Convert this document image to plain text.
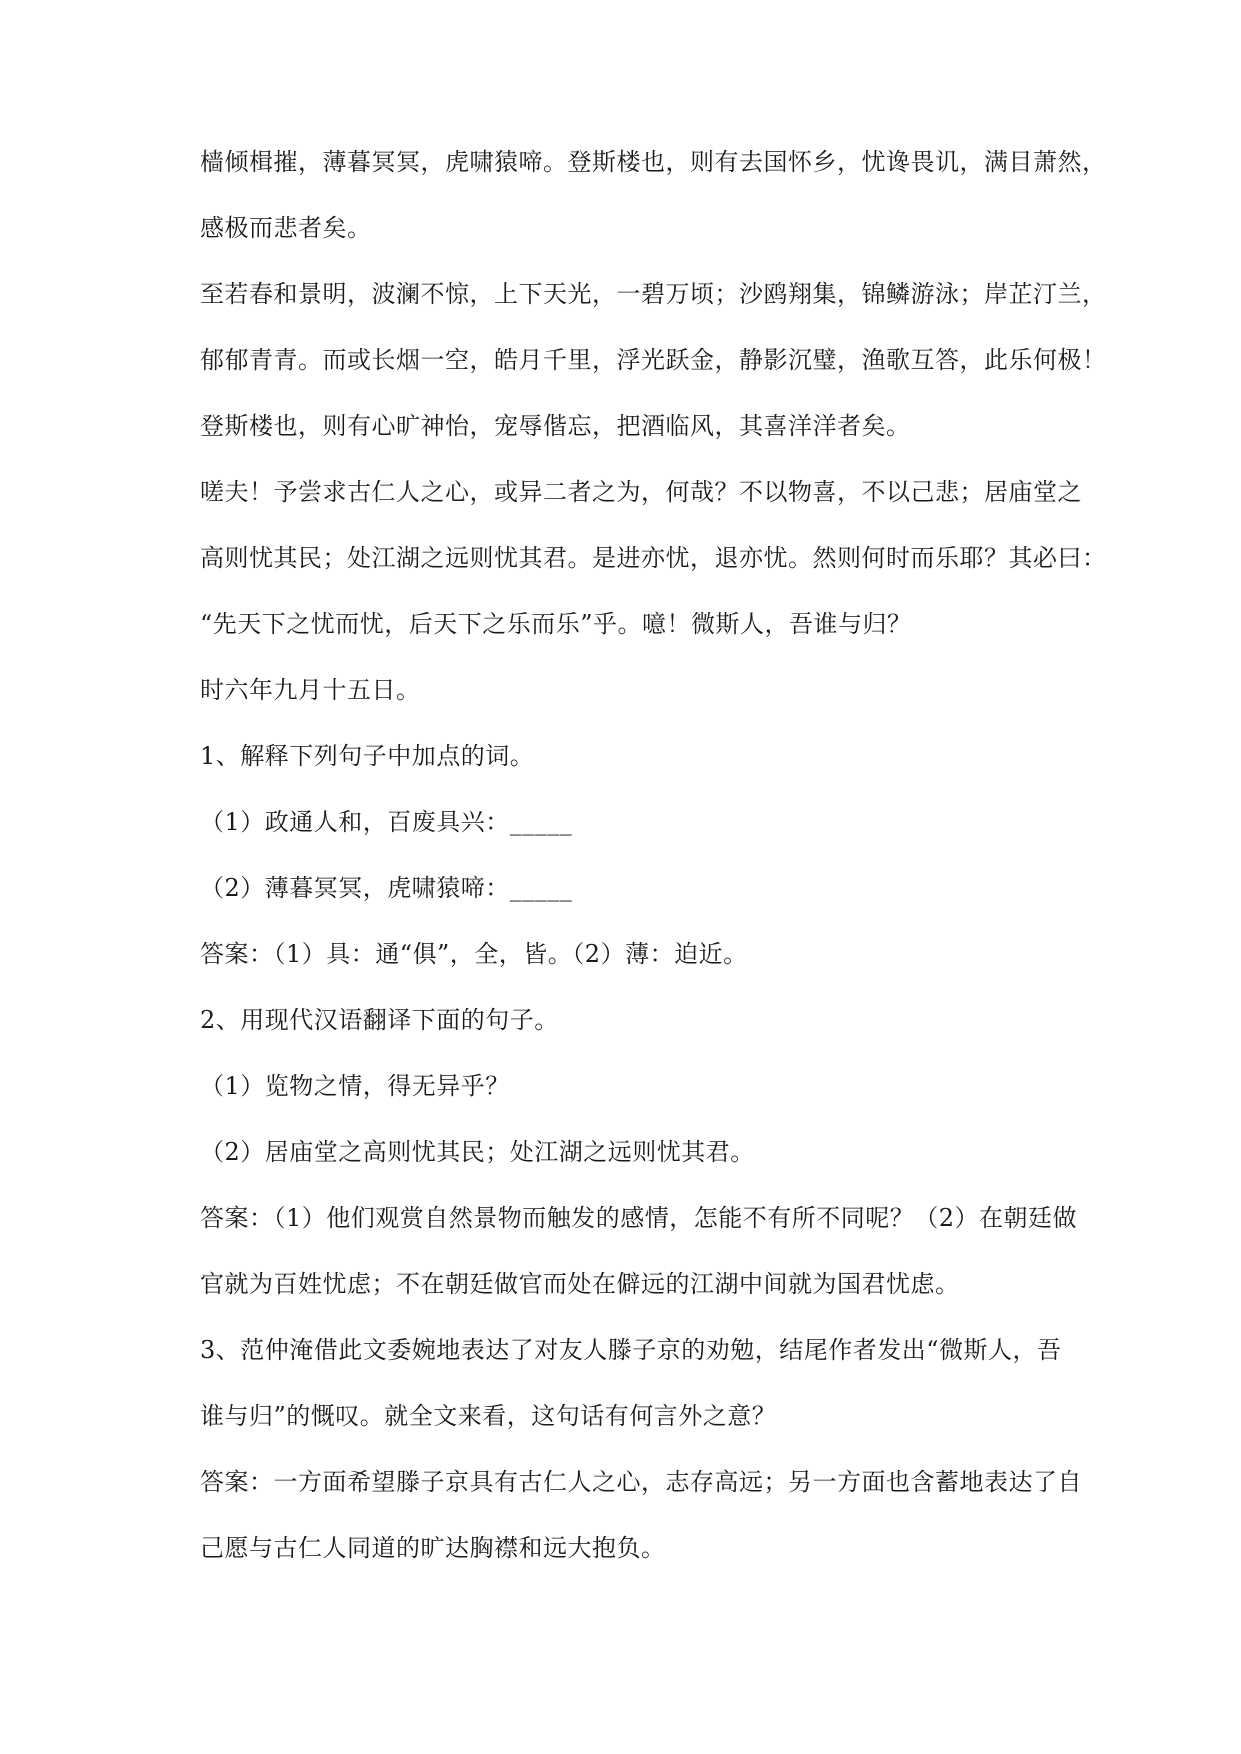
樯倾楫摧，薄暮冥冥，虎啸猿啼。登斯楼也，则有去国怀乡，忧谗畏讥，满目萧然，

感极而悲者矣。

至若春和景明，波澜不惊，上下天光，一碧万顷；沙鸥翔集，锦鳞游泳；岸芷汀兰，

郁郁青青。而或长烟一空，皓月千里，浮光跃金，静影沉璧，渔歌互答，此乐何极！

登斯楼也，则有心旷神怡，宠辱偕忘，把酒临风，其喜洋洋者矣。

嗟夫！予尝求古仁人之心，或异二者之为，何哉？不以物喜，不以己悲；居庙堂之

高则忧其民；处江湖之远则忧其君。是进亦忧，退亦忧。然则何时而乐耶？其必曰：

“先天下之忧而忧，后天下之乐而乐”乎。噫！微斯人，吾谁与归？

时六年九月十五日。

1、解释下列句子中加点的词。

（1）政通人和，百废具兴：_____

（2）薄暮冥冥，虎啸猿啼：_____

答案：（1）具：通“俱”，全，皆。（2）薄：迫近。

2、用现代汉语翻译下面的句子。

（1）览物之情，得无异乎？

（2）居庙堂之高则忧其民；处江湖之远则忧其君。

答案：（1）他们观赏自然景物而触发的感情，怎能不有所不同呢？（2）在朝廷做

官就为百姓忧虑；不在朝廷做官而处在僻远的江湖中间就为国君忧虑。

3、范仲淹借此文委婉地表达了对友人滕子京的劝勉，结尾作者发出“微斯人，吾

谁与归”的慨叹。就全文来看，这句话有何言外之意？

答案：一方面希望滕子京具有古仁人之心，志存高远；另一方面也含蓄地表达了自

己愿与古仁人同道的旷达胸襟和远大抱负。
